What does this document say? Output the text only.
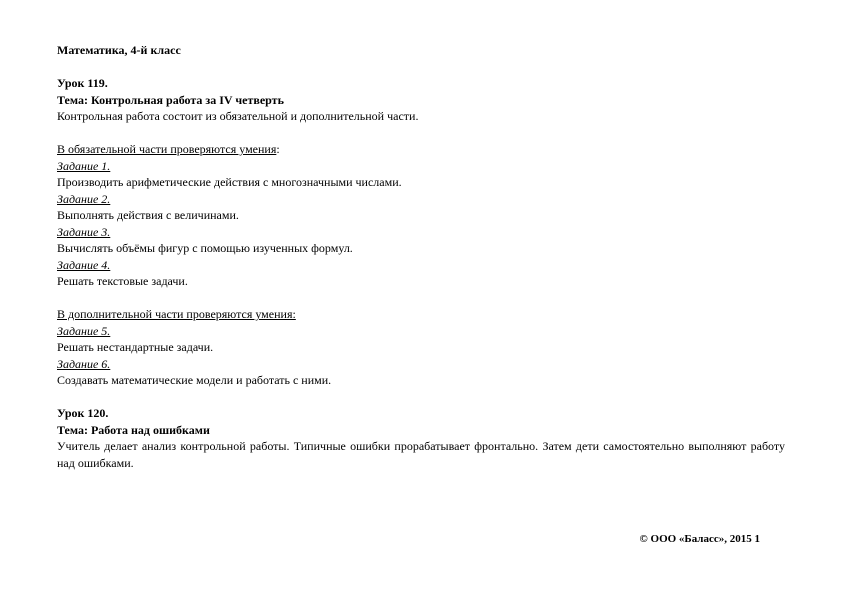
Математика, 4-й класс
Урок 119.
Тема: Контрольная работа за IV четверть
Контрольная работа состоит из обязательной и дополнительной части.
В обязательной части проверяются умения:
Задание 1.
Производить арифметические действия с многозначными числами.
Задание 2.
Выполнять действия с величинами.
Задание 3.
Вычислять объёмы фигур с помощью изученных формул.
Задание 4.
Решать текстовые задачи.
В дополнительной части проверяются умения:
Задание 5.
Решать нестандартные задачи.
Задание 6.
Создавать математические модели и работать с ними.
Урок 120.
Тема: Работа над ошибками
Учитель делает анализ контрольной работы. Типичные ошибки прорабатывает фронтально. Затем дети самостоятельно выполняют работу над ошибками.
© ООО «Баласс», 2015 1
